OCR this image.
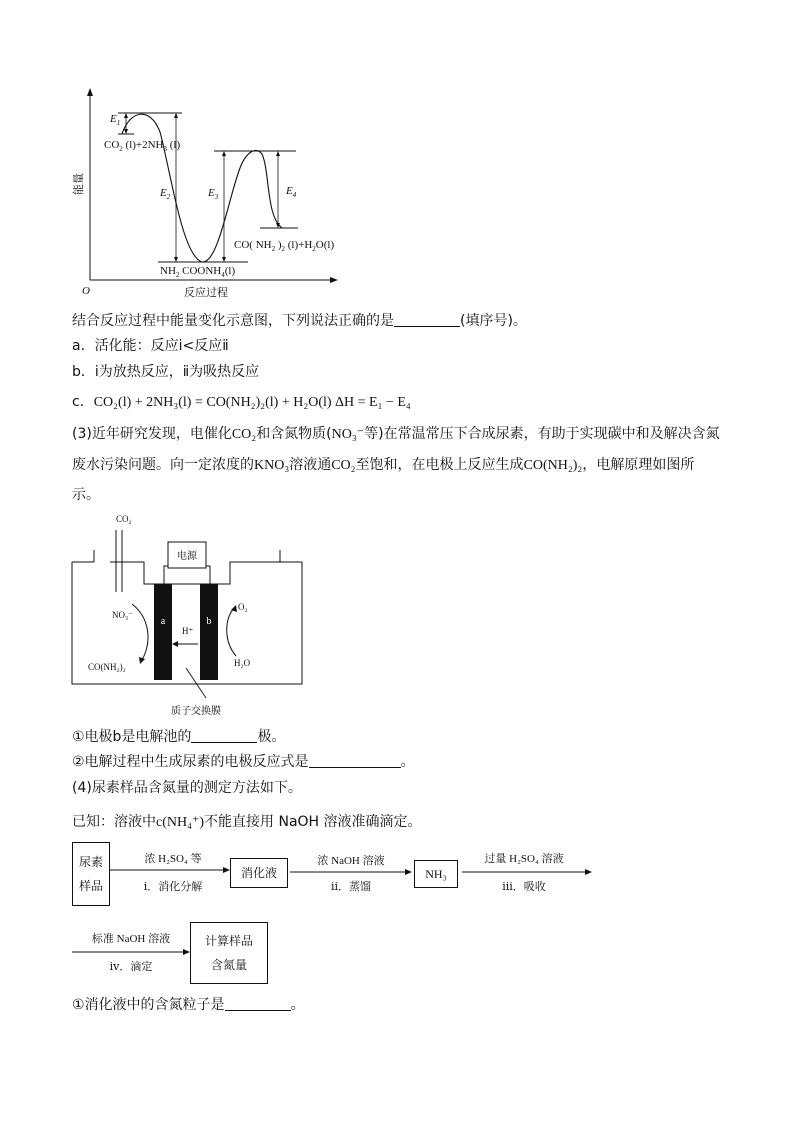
能量
O	反应过程
$E_1$
$E_2$	$E_3$	$E_4$
$CO_2$ $(l)+2NH_3$ (l)
$NH_2$ $COONH_4(l)$
CO( $NH_2$ )$_2$ $(l)+H_2O(l)$
结合反应过程中能量变化示意图，下列说法正确的是	(填序号)。
a．活化能：反应ⅰ<反应ⅱ
b．ⅰ为放热反应，ⅱ为吸热反应
c．CO₂(l) + 2NH₃(l) = CO(NH₂)₂(l) + H₂O(l) ΔH = E₁ − E₄
(3)近年研究发现，电催化CO₂和含氮物质(NO₃⁻等)在常温常压下合成尿素，有助于实现碳中和及解决含氮
废水污染问题。向一定浓度的KNO₃溶液通CO₂至饱和，在电极上反应生成CO(NH₂)₂，电解原理如图所
示。
CO₂
电源
a	b
H⁺
NO₃⁻
CO(NH₂)₂
O₂
H₂O
质子交换膜
①电极b是电解池的	极。
②电解过程中生成尿素的电极反应式是	。
(4)尿素样品含氮量的测定方法如下。
已知：溶液中c(NH₄⁺)不能直接用 NaOH 溶液准确滴定。
尿素
样品
浓 H₂SO₄ 等
ⅰ．消化分解
消化液
浓 NaOH 溶液
ⅱ．蒸馏
NH₃
过量 H₂SO₄ 溶液
ⅲ．吸收
标准 NaOH 溶液
ⅳ．滴定
计算样品
含氮量
①消化液中的含氮粒子是	。
